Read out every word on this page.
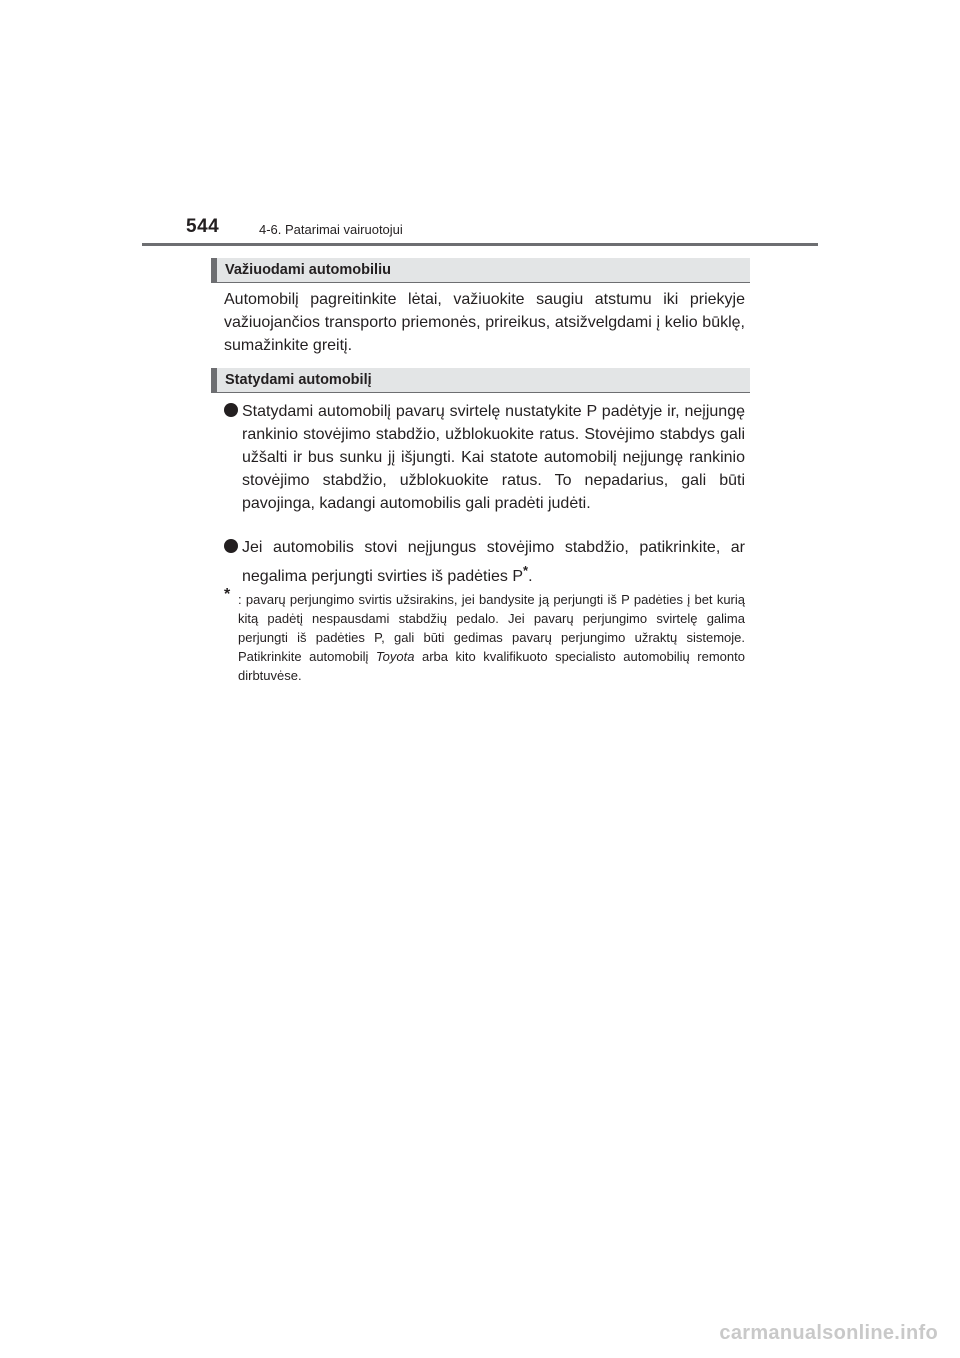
544	4-6. Patarimai vairuotojui
Važiuodami automobiliu
Automobilį pagreitinkite lėtai, važiuokite saugiu atstumu iki priekyje važiuojančios transporto priemonės, prireikus, atsižvelgdami į kelio būklę, sumažinkite greitį.
Statydami automobilį
Statydami automobilį pavarų svirtelę nustatykite P padėtyje ir, neįjungę rankinio stovėjimo stabdžio, užblokuokite ratus. Stovėjimo stabdys gali užšalti ir bus sunku jį išjungti. Kai statote automobilį neįjungę rankinio stovėjimo stabdžio, užblokuokite ratus. To nepadarius, gali būti pavojinga, kadangi automobilis gali pradėti judėti.
Jei automobilis stovi neįjungus stovėjimo stabdžio, patikrinkite, ar negalima perjungti svirties iš padėties P*.
* : pavarų perjungimo svirtis užsirakins, jei bandysite ją perjungti iš P padėties į bet kurią kitą padėtį nespausdami stabdžių pedalo. Jei pavarų perjungimo svirtelę galima perjungti iš padėties P, gali būti gedimas pavarų perjungimo užraktų sistemoje. Patikrinkite automobilį Toyota arba kito kvalifikuoto specialisto automobilių remonto dirbtuvėse.
carmanualsonline.info
